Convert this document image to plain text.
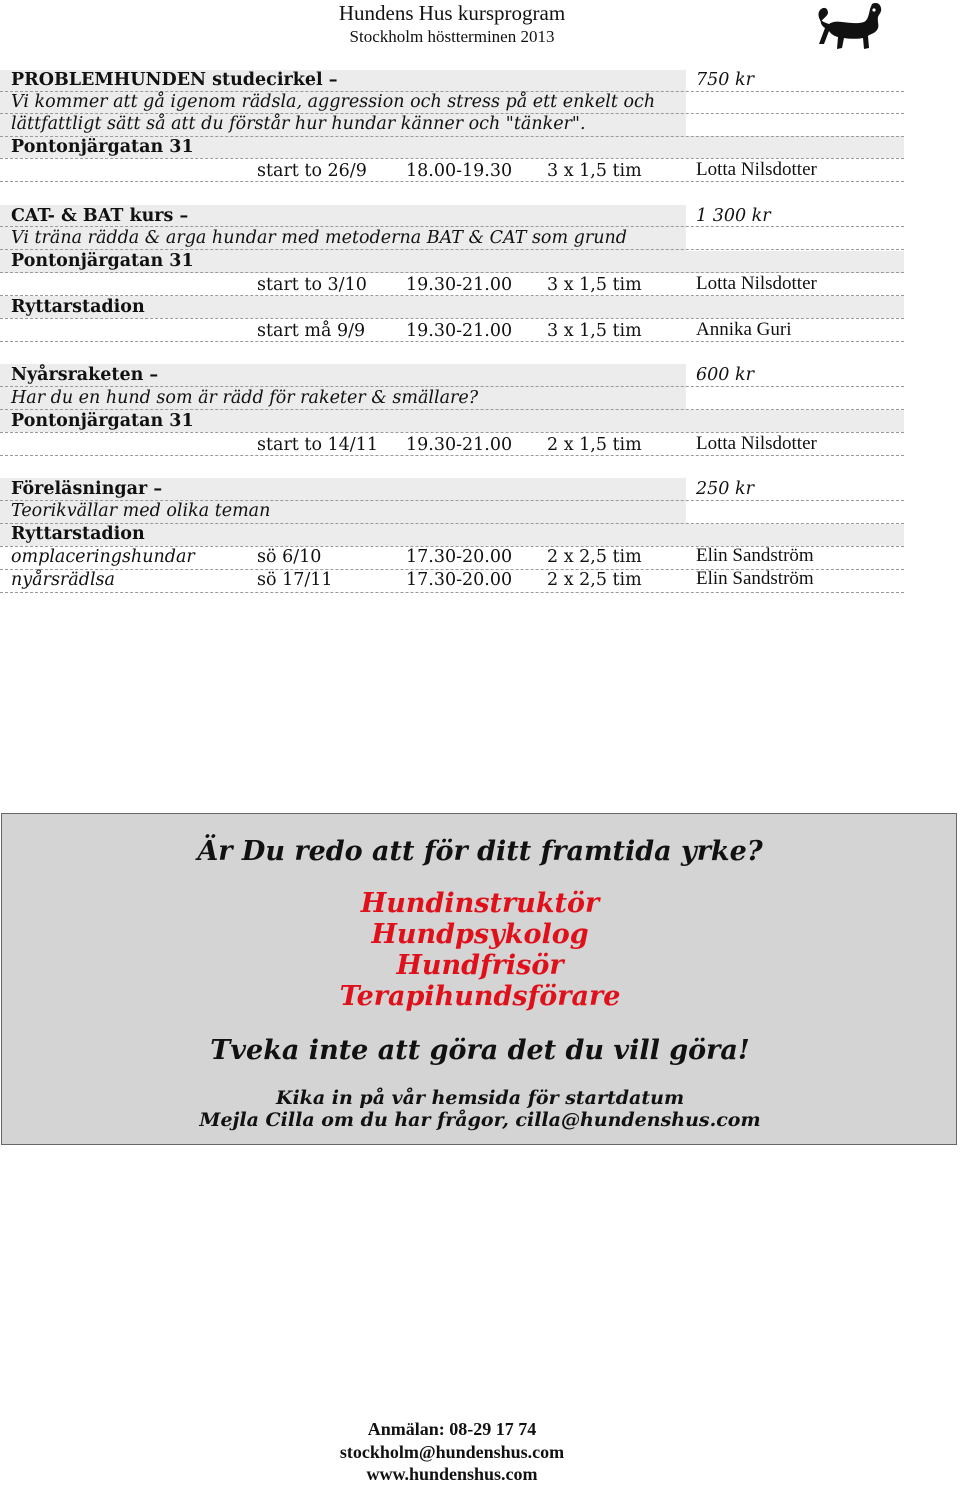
Hundens Hus kursprogram
Stockholm höstterminen 2013
PROBLEMHUNDEN studecirkel –	750 kr
Vi kommer att gå igenom rädsla, aggression och stress på ett enkelt och
lättfattligt sätt så att du förstår hur hundar känner och "tänker".
Pontonjärgatan 31
start to 26/9 18.00-19.30 3 x 1,5 tim	Lotta Nilsdotter
CAT- & BAT kurs –	1 300 kr
Vi träna rädda & arga hundar med metoderna BAT & CAT som grund
Pontonjärgatan 31
start to 3/10 19.30-21.00 3 x 1,5 tim	Lotta Nilsdotter
Ryttarstadion
start må 9/9 19.30-21.00 3 x 1,5 tim	Annika Guri
Nyårsraketen –	600 kr
Har du en hund som är rädd för raketer & smällare?
Pontonjärgatan 31
start to 14/11 19.30-21.00 2 x 1,5 tim	Lotta Nilsdotter
Föreläsningar –	250 kr
Teorikvällar med olika teman
Ryttarstadion
omplaceringshundar	sö 6/10	17.30-20.00 2 x 2,5 tim	Elin Sandström
nyårsrädlsa	sö 17/11	17.30-20.00 2 x 2,5 tim	Elin Sandström
Är Du redo att för ditt framtida yrke?
Hundinstruktör
Hundpsykolog
Hundfrisör
Terapihundsförare
Tveka inte att göra det du vill göra!
Kika in på vår hemsida för startdatum
Mejla Cilla om du har frågor, cilla@hundenshus.com
Anmälan: 08-29 17 74
stockholm@hundenshus.com
www.hundenshus.com
